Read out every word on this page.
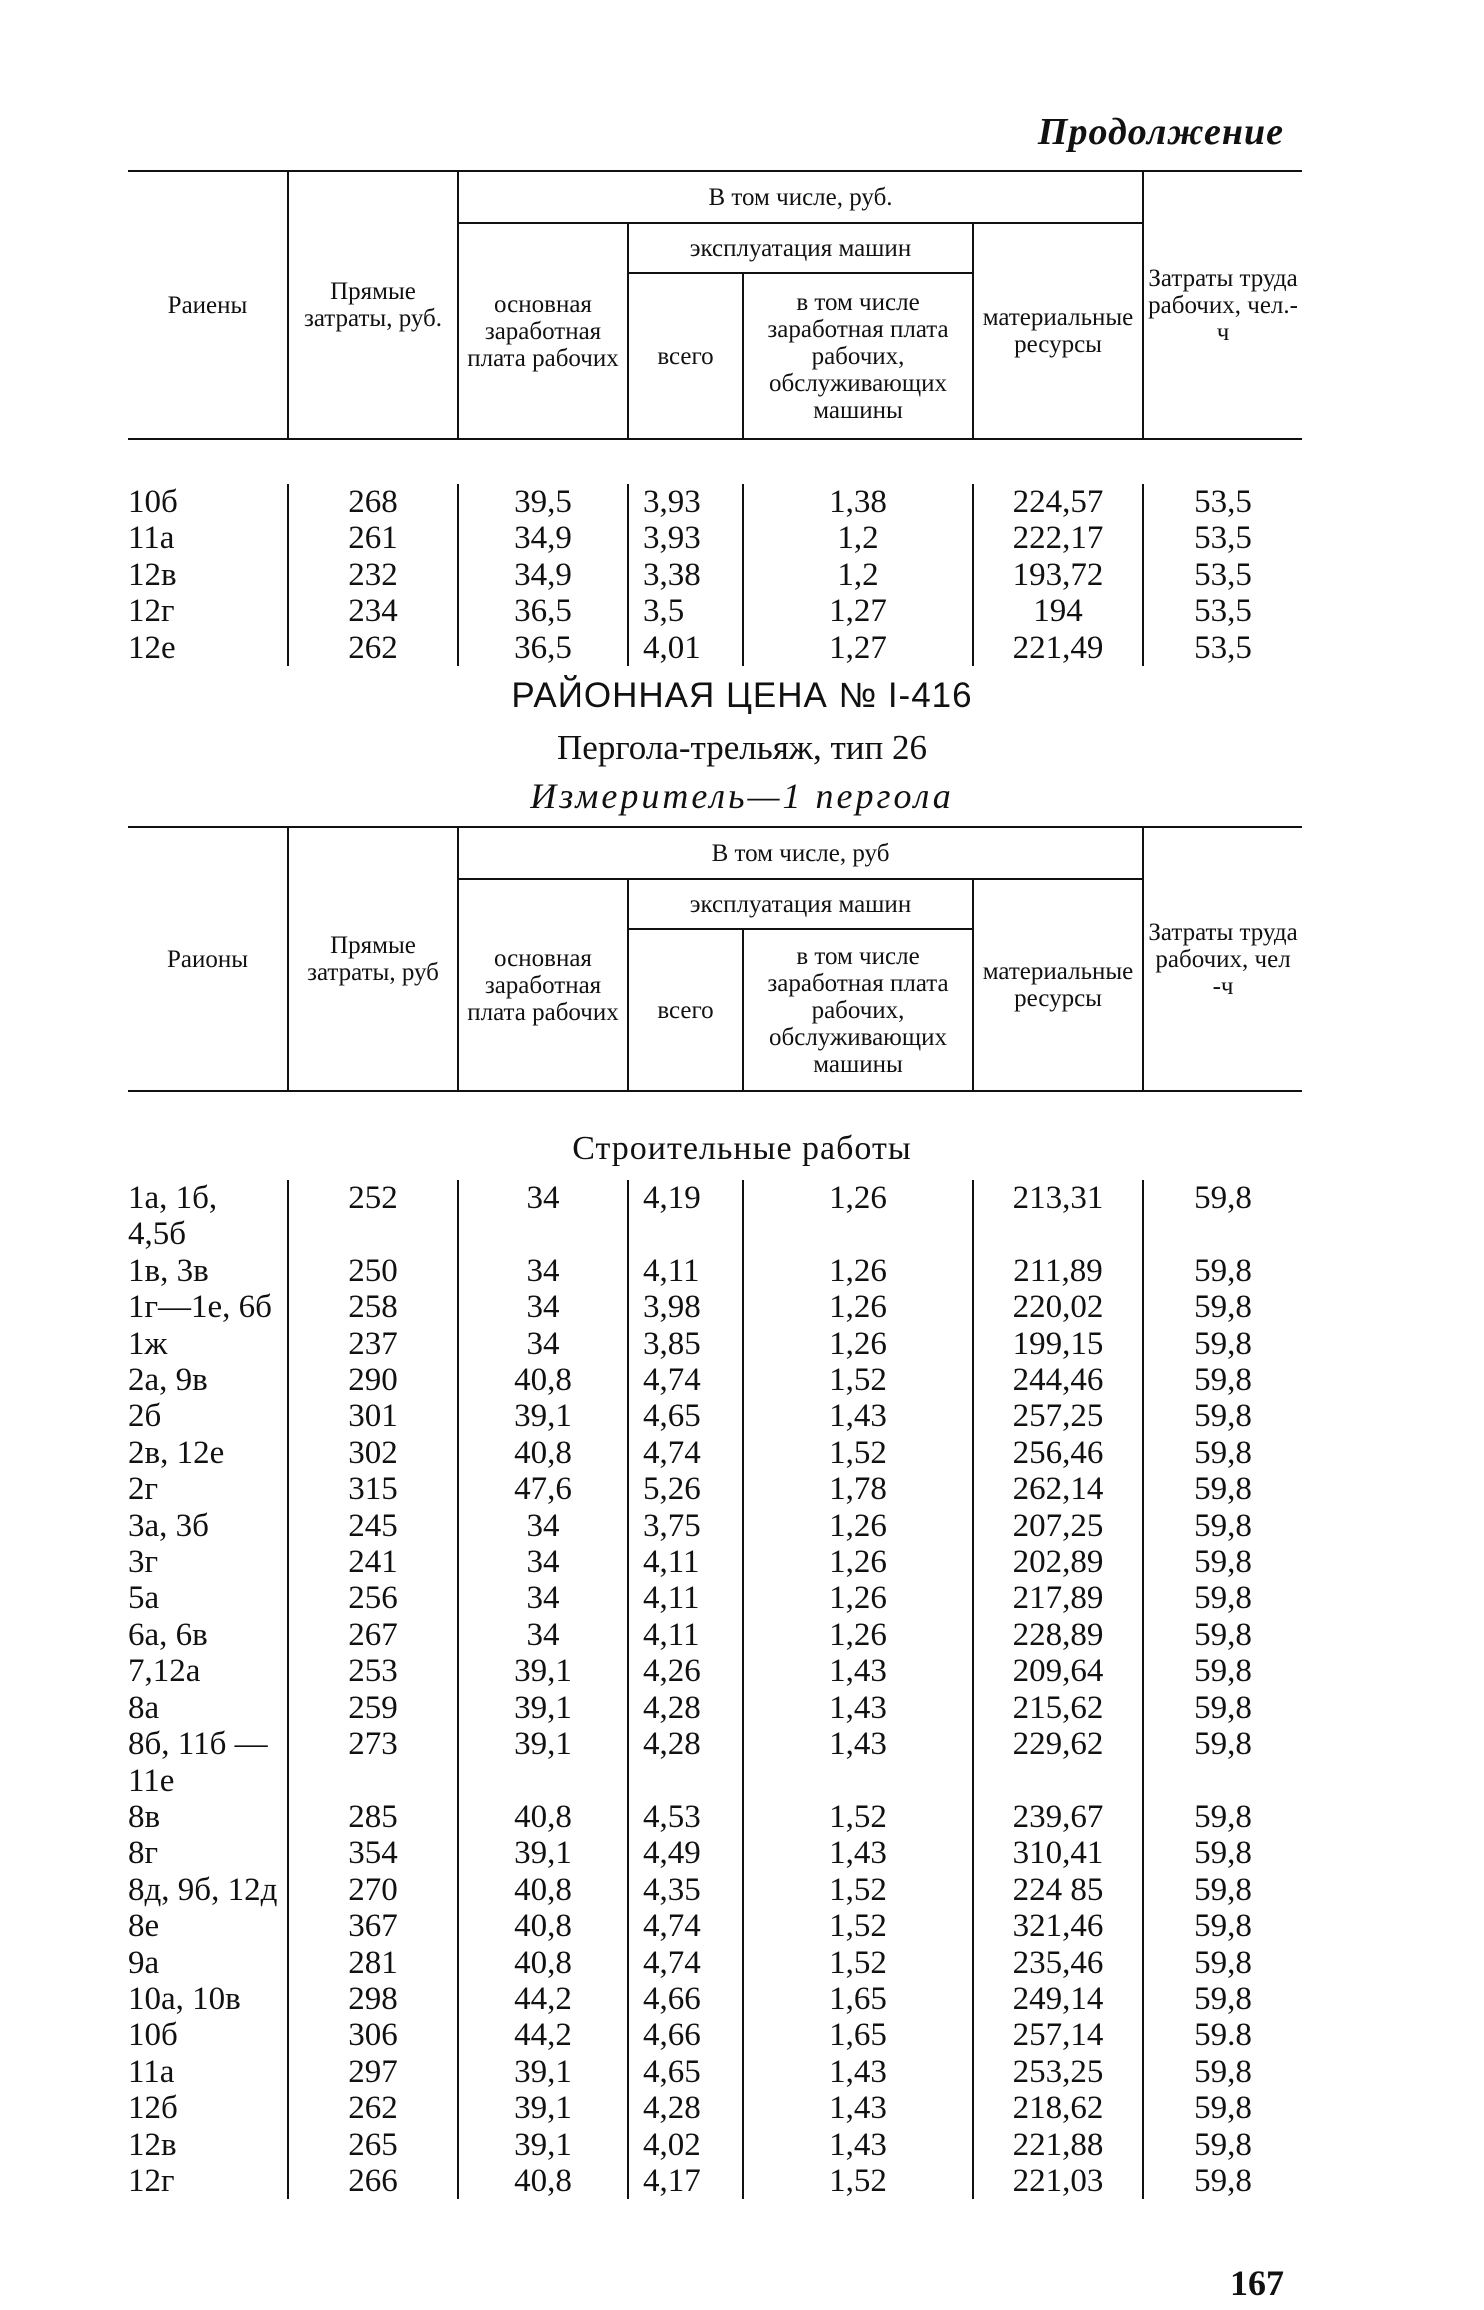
Продолжение
Раиены	Прямые затраты, руб.	В том числе, руб.				Затраты труда рабочих, чел.-ч
		основная заработная плата рабочих	эксплуатация машин		материальные ресурсы	
			всего	в том числе заработная плата рабочих, обслуживающих машины		
10б	268	39,5	3,93	1,38	224,57	53,5
11а	261	34,9	3,93	1,2	222,17	53,5
12в	232	34,9	3,38	1,2	193,72	53,5
12г	234	36,5	3,5	1,27	194	53,5
12е	262	36,5	4,01	1,27	221,49	53,5
РАЙОННАЯ ЦЕНА № I-416
Пергола-трельяж, тип 26
Измеритель—1 пергола
Раионы	Прямые затраты, руб	В том числе, руб				Затраты труда рабочих, чел -ч
		основная заработная плата рабочих	эксплуатация машин		материальные ресурсы	
			всего	в том числе заработная плата рабочих, обслуживающих машины		
Строительные работы
1а, 1б,	252	34	4,19	1,26	213,31	59,8
4,5б						
1в, 3в	250	34	4,11	1,26	211,89	59,8
1г—1е, 6б	258	34	3,98	1,26	220,02	59,8
1ж	237	34	3,85	1,26	199,15	59,8
2а, 9в	290	40,8	4,74	1,52	244,46	59,8
2б	301	39,1	4,65	1,43	257,25	59,8
2в, 12е	302	40,8	4,74	1,52	256,46	59,8
2г	315	47,6	5,26	1,78	262,14	59,8
3а, 3б	245	34	3,75	1,26	207,25	59,8
3г	241	34	4,11	1,26	202,89	59,8
5а	256	34	4,11	1,26	217,89	59,8
6а, 6в	267	34	4,11	1,26	228,89	59,8
7,12а	253	39,1	4,26	1,43	209,64	59,8
8а	259	39,1	4,28	1,43	215,62	59,8
8б, 11б —	273	39,1	4,28	1,43	229,62	59,8
11е						
8в	285	40,8	4,53	1,52	239,67	59,8
8г	354	39,1	4,49	1,43	310,41	59,8
8д, 9б, 12д	270	40,8	4,35	1,52	224 85	59,8
8е	367	40,8	4,74	1,52	321,46	59,8
9а	281	40,8	4,74	1,52	235,46	59,8
10а, 10в	298	44,2	4,66	1,65	249,14	59,8
10б	306	44,2	4,66	1,65	257,14	59.8
11а	297	39,1	4,65	1,43	253,25	59,8
12б	262	39,1	4,28	1,43	218,62	59,8
12в	265	39,1	4,02	1,43	221,88	59,8
12г	266	40,8	4,17	1,52	221,03	59,8
167
